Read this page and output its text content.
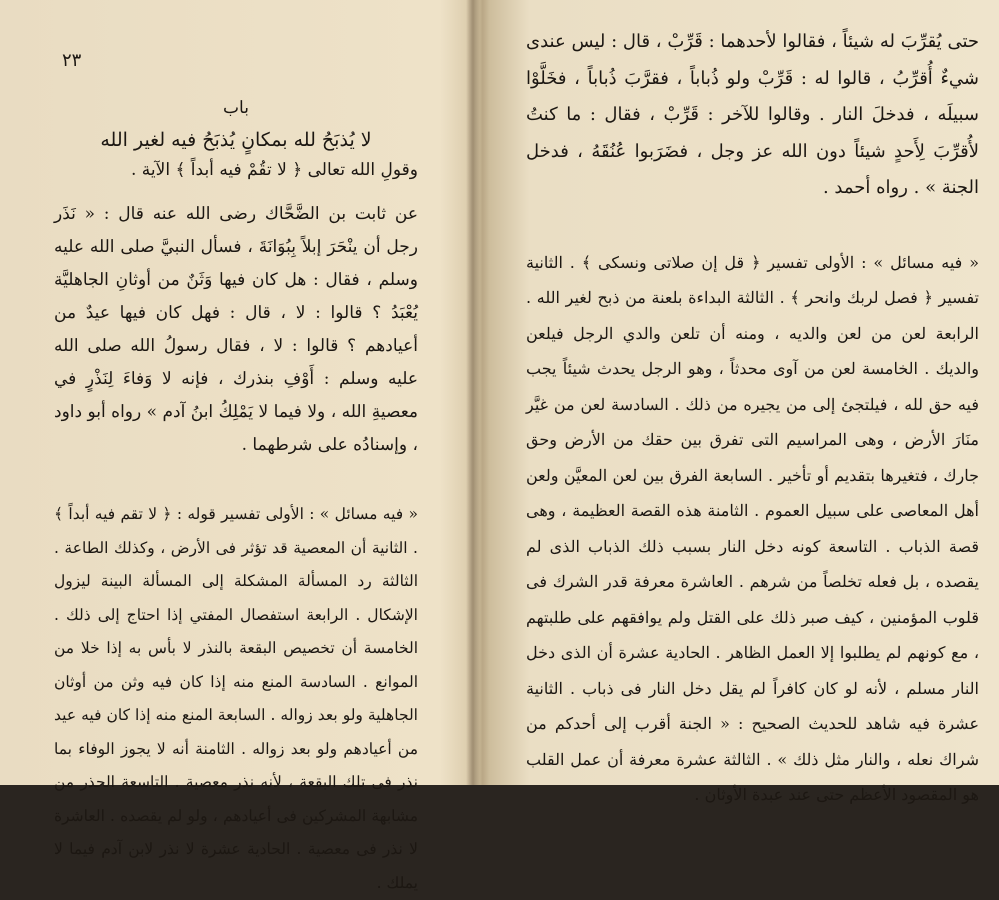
٢٣
باب
لا يُذبَحُ لله بمكانٍ يُذبَحُ فيه لغير الله

وقولِ الله تعالى ﴿ لا تقُمْ فيه أبداً ﴾ الآية .

عن ثابت بن الضَّحَّاك رضى الله عنه قال : « نَذَر رجل أن ينْحَرَ إبلاً بِبُوَانَةَ ، فسأل النبيَّ صلى الله عليه وسلم ، فقال : هل كان فيها وَثَنٌ من أوثانِ الجاهليَّة يُعْبَدُ ؟ قالوا : لا ، قال : فهل كان فيها عيدٌ من أعيادهم ؟ قالوا : لا ، فقال رسولُ الله صلى الله عليه وسلم : أَوْفِ بنذرك ، فإنه لا وَفاءَ لِنَذْرٍ في معصيةِ الله ، ولا فيما لا يَمْلِكُ ابنُ آدم » رواه أبو داود ، وإسنادُه على شرطهما .

« فيه مسائل » : الأولى تفسير قوله : ﴿ لا تقم فيه أبداً ﴾ . الثانية أن المعصية قد تؤثر فى الأرض ، وكذلك الطاعة . الثالثة رد المسألة المشكلة إلى المسألة البينة ليزول الإشكال . الرابعة استفصال المفتي إذا احتاج إلى ذلك . الخامسة أن تخصيص البقعة بالنذر لا بأس به إذا خلا من الموانع . السادسة المنع منه إذا كان فيه وثن من أوثان الجاهلية ولو بعد زواله . السابعة المنع منه إذا كان فيه عيد من أعيادهم ولو بعد زواله . الثامنة أنه لا يجوز الوفاء بما نذر فى تلك البقعة ، لأنه نذر معصية . التاسعة الحذر من مشابهة المشركين فى أعيادهم ، ولو لم يقصده . العاشرة لا نذر فى معصية . الحادية عشرة لا نذر لابن آدم فيما لا يملك .

حتى يُقرِّبَ له شيئاً ، فقالوا لأحدهما : قَرِّبْ ، قال : ليس عندى شيءٌ أُقرِّبُ ، قالوا له : قَرِّبْ ولو ذُباباً ، فقرَّبَ ذُباباً ، فخَلَّوْا سبيلَه ، فدخلَ النار . وقالوا للآخر : قَرِّبْ ، فقال : ما كنتُ لأُقرِّبَ لِأَحدٍ شيئاً دون الله عز وجل ، فضَرَبوا عُنُقَهُ ، فدخل الجنة » . رواه أحمد .

« فيه مسائل » : الأولى تفسير ﴿ قل إن صلاتى ونسكى ﴾ . الثانية تفسير ﴿ فصل لربك وانحر ﴾ . الثالثة البداءة بلعنة من ذبح لغير الله . الرابعة لعن من لعن والديه ، ومنه أن تلعن والدي الرجل فيلعن والديك . الخامسة لعن من آوى محدثاً ، وهو الرجل يحدث شيئاً يجب فيه حق لله ، فيلتجئ إلى من يجيره من ذلك . السادسة لعن من غيَّر منَارَ الأرض ، وهى المراسيم التى تفرق بين حقك من الأرض وحق جارك ، فتغيرها بتقديم أو تأخير . السابعة الفرق بين لعن المعيَّن ولعن أهل المعاصى على سبيل العموم . الثامنة هذه القصة العظيمة ، وهى قصة الذباب . التاسعة كونه دخل النار بسبب ذلك الذباب الذى لم يقصده ، بل فعله تخلصاً من شرهم . العاشرة معرفة قدر الشرك فى قلوب المؤمنين ، كيف صبر ذلك على القتل ولم يوافقهم على طلبتهم ، مع كونهم لم يطلبوا إلا العمل الظاهر . الحادية عشرة أن الذى دخل النار مسلم ، لأنه لو كان كافراً لم يقل دخل النار فى ذباب . الثانية عشرة فيه شاهد للحديث الصحيح : « الجنة أقرب إلى أحدكم من شراك نعله ، والنار مثل ذلك » . الثالثة عشرة معرفة أن عمل القلب هو المقصود الأعظم حتى عند عبدة الأوثان .
